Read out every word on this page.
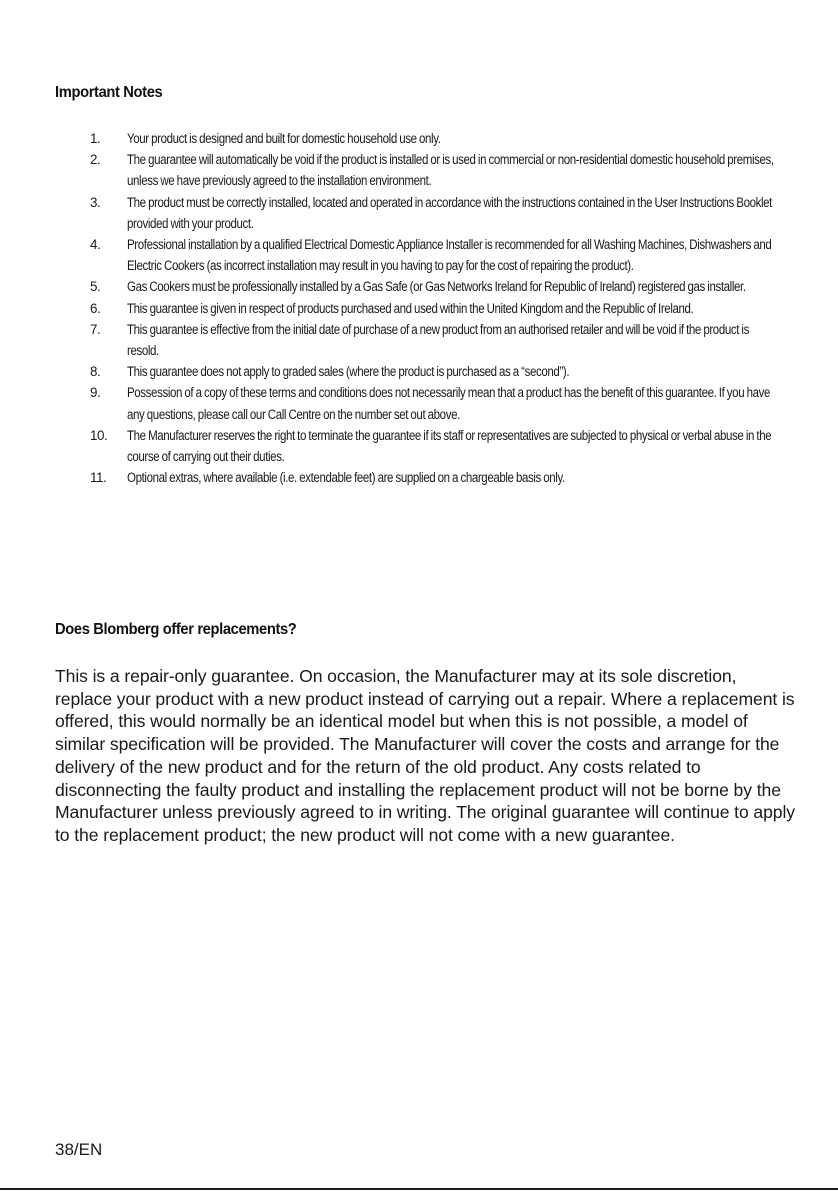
Important Notes
1.	Your product is designed and built for domestic household use only.
2.	The guarantee will automatically be void if the product is installed or is used in commercial or non-residential domestic household premises, unless we have previously agreed to the installation environment.
3.	The product must be correctly installed, located and operated in accordance with the instructions contained in the User Instructions Booklet provided with your product.
4.	Professional installation by a qualified Electrical Domestic Appliance Installer is recommended for all Washing Machines, Dishwashers and Electric Cookers (as incorrect installation may result in you having to pay for the cost of repairing the product).
5.	Gas Cookers must be professionally installed by a Gas Safe (or Gas Networks Ireland for Republic of Ireland) registered gas installer.
6.	This guarantee is given in respect of products purchased and used within the United Kingdom and the Republic of Ireland.
7.	This guarantee is effective from the initial date of purchase of a new product from an authorised retailer and will be void if the product is resold.
8.	This guarantee does not apply to graded sales (where the product is purchased as a “second”).
9.	Possession of a copy of these terms and conditions does not necessarily mean that a product has the benefit of this guarantee. If you have any questions, please call our Call Centre on the number set out above.
10.	The Manufacturer reserves the right to terminate the guarantee if its staff or representatives are subjected to physical or verbal abuse in the course of carrying out their duties.
11.	Optional extras, where available (i.e. extendable feet) are supplied on a chargeable basis only.
Does Blomberg offer replacements?

This is a repair-only guarantee. On occasion, the Manufacturer may at its sole discretion, replace your product with a new product instead of carrying out a repair. Where a replacement is offered, this would normally be an identical model but when this is not possible, a model of similar specification will be provided. The Manufacturer will cover the costs and arrange for the delivery of the new product and for the return of the old product. Any costs related to disconnecting the faulty product and installing the replacement product will not be borne by the Manufacturer unless previously agreed to in writing. The original guarantee will continue to apply to the replacement product; the new product will not come with a new guarantee.

38/EN
